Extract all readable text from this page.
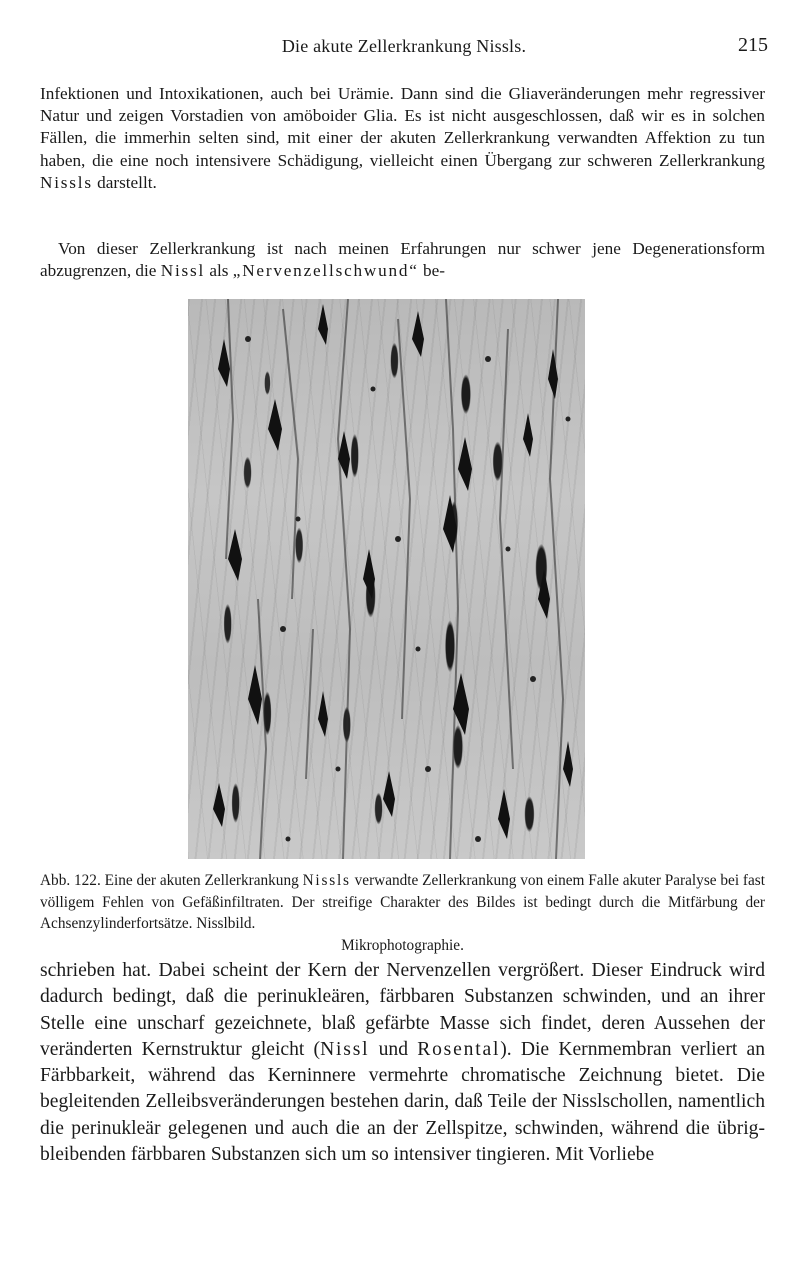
Die akute Zellerkrankung Nissls.	215

Infektionen und Intoxikationen, auch bei Urämie. Dann sind die Gliaveränderungen mehr regressiver Natur und zeigen Vorstadien von amöboider Glia. Es ist nicht ausgeschlossen, daß wir es in solchen Fällen, die immerhin selten sind, mit einer der akuten Zellerkrankung verwandten Affektion zu tun haben, die eine noch intensivere Schädigung, vielleicht einen Übergang zur schweren Zellerkrankung Nissls darstellt.

Von dieser Zellerkrankung ist nach meinen Erfahrungen nur schwer jene Degenerationsform abzugrenzen, die Nissl als „Nervenzellschwund“ be-

Abb. 122. Eine der akuten Zellerkrankung Nissls verwandte Zellerkrankung von einem Falle akuter Paralyse bei fast völligem Fehlen von Gefäßinfiltraten. Der streifige Charakter des Bildes ist bedingt durch die Mitfärbung der Achsenzylinderfortsätze. Nisslbild.
Mikrophotographie.

schrieben hat. Dabei scheint der Kern der Nervenzellen vergrößert. Dieser Eindruck wird dadurch bedingt, daß die perinukleären, färbbaren Substanzen schwinden, und an ihrer Stelle eine unscharf gezeichnete, blaß gefärbte Masse sich findet, deren Aussehen der veränderten Kernstruktur gleicht (Nissl und Rosental). Die Kernmembran verliert an Färbbarkeit, während das Kerninnere vermehrte chromatische Zeichnung bietet. Die begleitenden Zelleibsveränderungen bestehen darin, daß Teile der Nisslschollen, namentlich die perinukleär gelegenen und auch die an der Zellspitze, schwinden, während die übrigbleibenden färbbaren Substanzen sich um so intensiver tingieren. Mit Vorliebe
